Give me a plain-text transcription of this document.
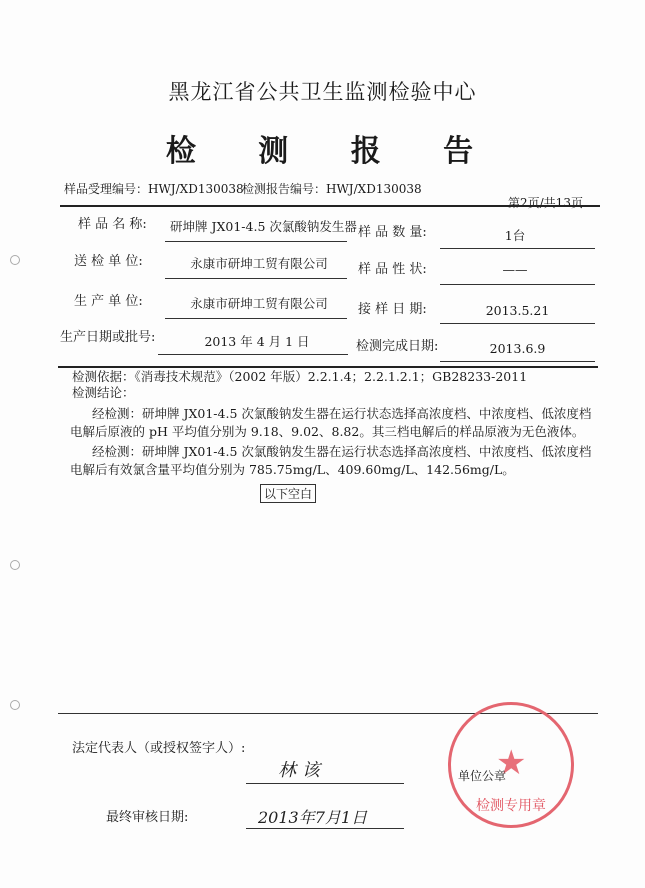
黑龙江省公共卫生监测检验中心
检 测 报 告
样品受理编号：HWJ/XD130038
检测报告编号：HWJ/XD130038
第2页/共13页
样 品 名 称: 研坤牌 JX01-4.5 次氯酸钠发生器 样 品 数 量:	1台
送 检 单 位:	永康市研坤工贸有限公司	样 品 性 状:	——
生 产 单 位:	永康市研坤工贸有限公司	接 样 日 期:	2013.5.21
生产日期或批号:	2013 年 4 月 1 日	检测完成日期:	2013.6.9
检测依据：《消毒技术规范》（2002 年版）2.2.1.4；2.2.1.2.1；GB28233-2011
检测结论：
经检测：研坤牌 JX01-4.5 次氯酸钠发生器在运行状态选择高浓度档、中浓度档、低浓度档
电解后原液的 pH 平均值分别为 9.18、9.02、8.82。其三档电解后的样品原液为无色液体。
经检测：研坤牌 JX01-4.5 次氯酸钠发生器在运行状态选择高浓度档、中浓度档、低浓度档
电解后有效氯含量平均值分别为 785.75mg/L、409.60mg/L、142.56mg/L。
以下空白
法定代表人（或授权签字人）:
林 该
最终审核日期:	2013年7月1日
★
检测专用章
单位公章
